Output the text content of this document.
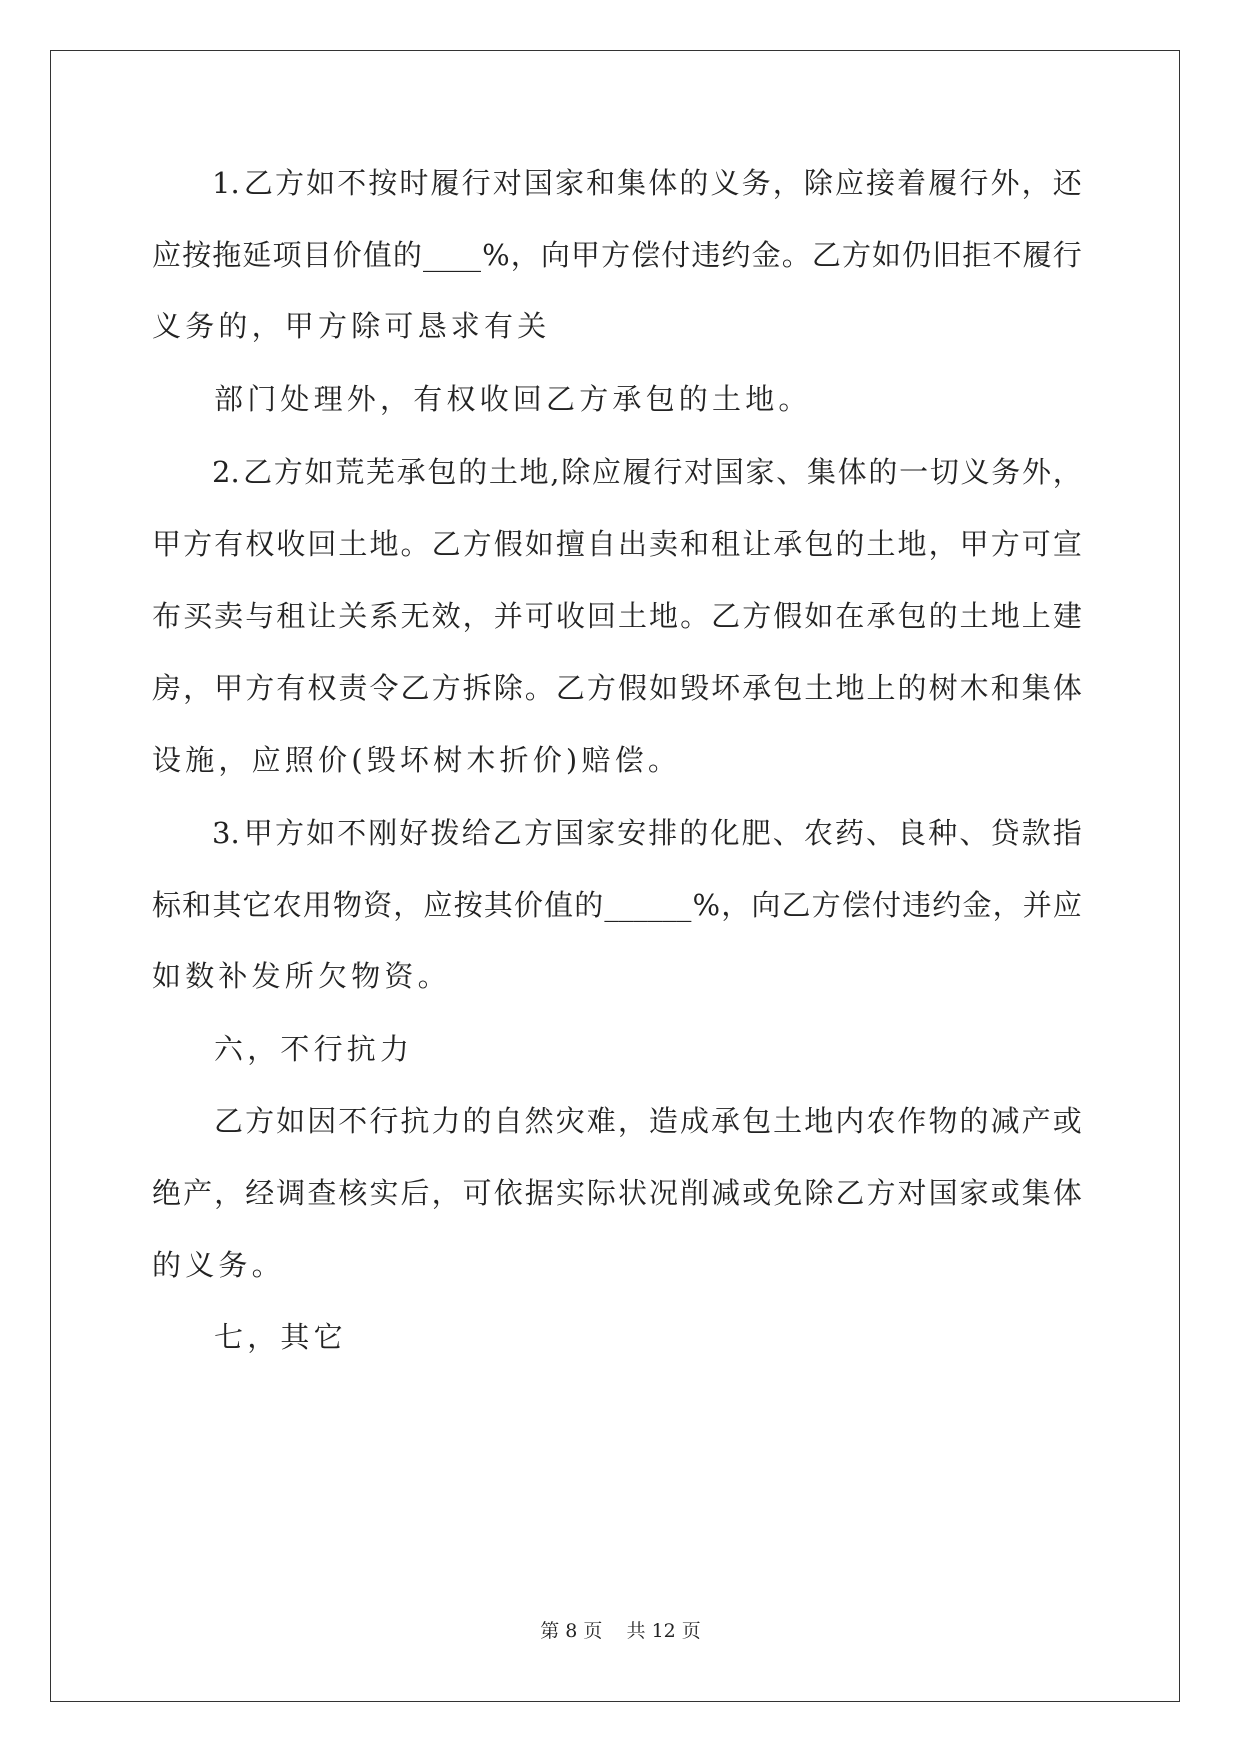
1. 乙 方 如 不 按 时 履 行 对 国 家 和 集 体 的 义 务 ， 除 应 接 着 履 行 外 ， 还
应 按 拖 延 项 目 价 值 的 ____ % ， 向 甲 方 偿 付 违 约 金 。 乙 方 如 仍 旧 拒 不 履 行
义务的，甲方除可恳求有关
部门处理外，有权收回乙方承包的土地。
2. 乙 方 如 荒 芜 承 包 的 土 地 , 除 应 履 行 对 国 家 、 集 体 的 一 切 义 务 外 ，
甲 方 有 权 收 回 土 地 。 乙 方 假 如 擅 自 出 卖 和 租 让 承 包 的 土 地 ， 甲 方 可 宣
布 买 卖 与 租 让 关 系 无 效 ， 并 可 收 回 土 地 。 乙 方 假 如 在 承 包 的 土 地 上 建
房 ， 甲 方 有 权 责 令 乙 方 拆 除 。 乙 方 假 如 毁 坏 承 包 土 地 上 的 树 木 和 集 体
设施，应照价(毁坏树木折价)赔偿。
3. 甲 方 如 不 刚 好 拨 给 乙 方 国 家 安 排 的 化 肥 、 农 药 、 良 种 、 贷 款 指
标 和 其 它 农 用 物 资 ， 应 按 其 价 值 的 ______ % ， 向 乙 方 偿 付 违 约 金 ， 并 应
如数补发所欠物资。
六，不行抗力
乙 方 如 因 不 行 抗 力 的 自 然 灾 难 ， 造 成 承 包 土 地 内 农 作 物 的 减 产 或
绝 产 ， 经 调 查 核 实 后 ， 可 依 据 实 际 状 况 削 减 或 免 除 乙 方 对 国 家 或 集 体
的义务。
七，其它
第 8 页    共 12 页
